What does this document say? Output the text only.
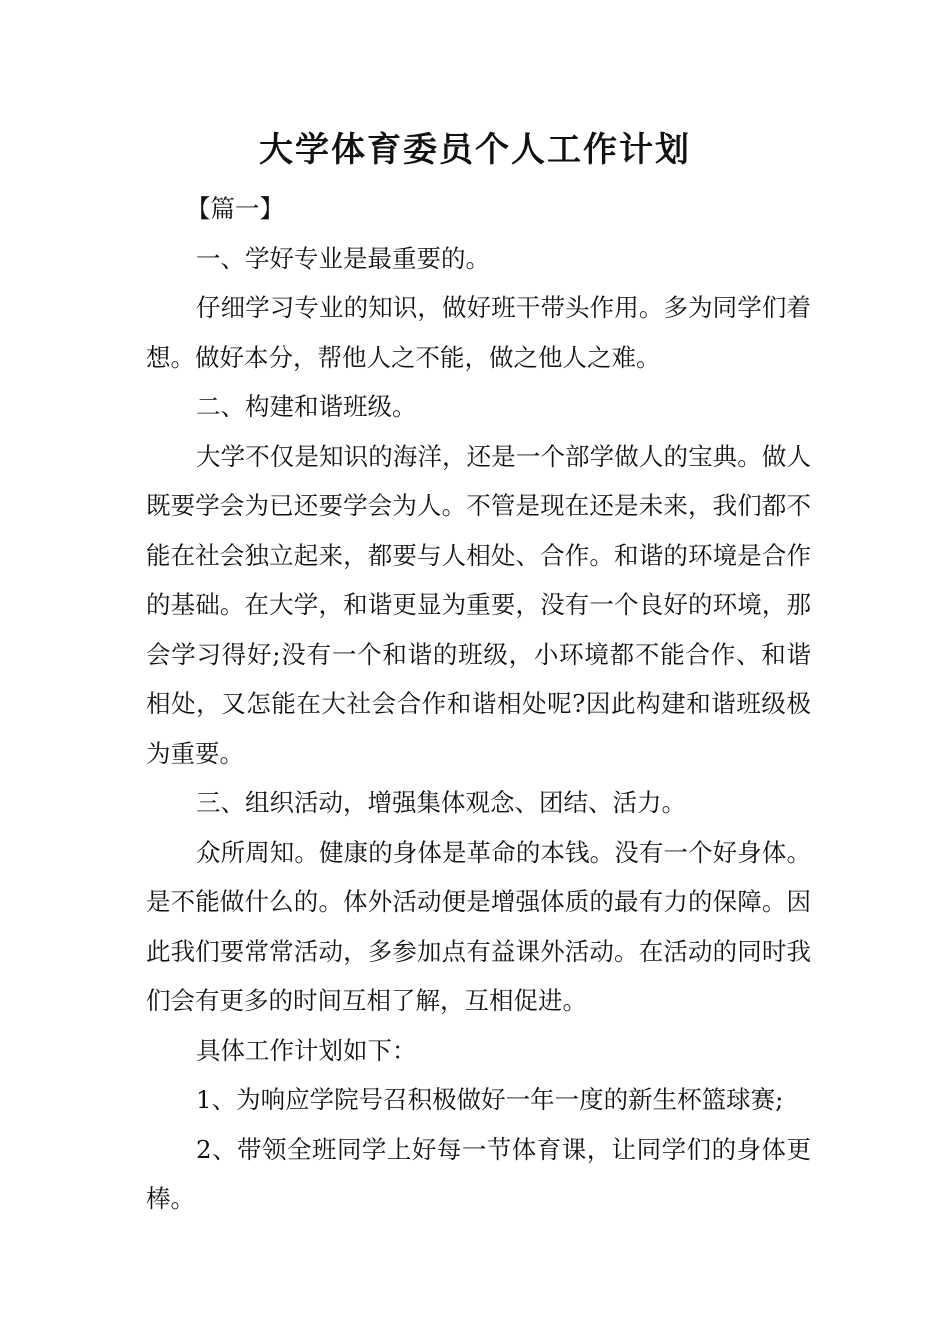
大学体育委员个人工作计划

【篇一】

一、学好专业是最重要的。

仔细学习专业的知识，做好班干带头作用。多为同学们着想。做好本分，帮他人之不能，做之他人之难。

二、构建和谐班级。

大学不仅是知识的海洋，还是一个部学做人的宝典。做人既要学会为已还要学会为人。不管是现在还是未来，我们都不能在社会独立起来，都要与人相处、合作。和谐的环境是合作的基础。在大学，和谐更显为重要，没有一个良好的环境，那会学习得好;没有一个和谐的班级，小环境都不能合作、和谐相处，又怎能在大社会合作和谐相处呢?因此构建和谐班级极为重要。

三、组织活动，增强集体观念、团结、活力。

众所周知。健康的身体是革命的本钱。没有一个好身体。是不能做什么的。体外活动便是增强体质的最有力的保障。因此我们要常常活动，多参加点有益课外活动。在活动的同时我们会有更多的时间互相了解，互相促进。

具体工作计划如下：

1、为响应学院号召积极做好一年一度的新生杯篮球赛;

2、带领全班同学上好每一节体育课，让同学们的身体更棒。
